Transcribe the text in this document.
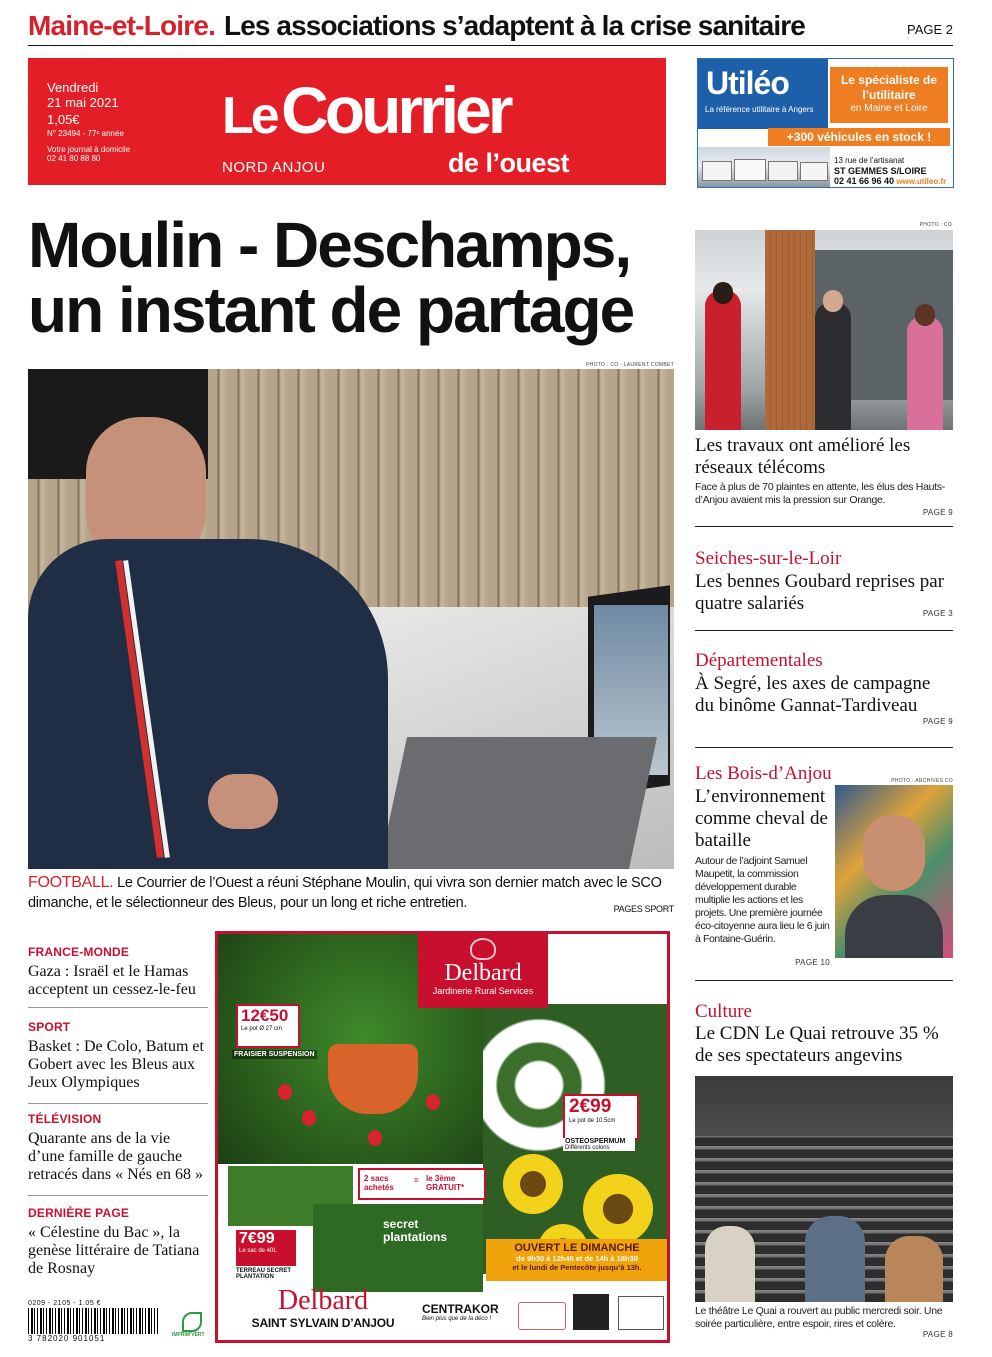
Maine-et-Loire. Les associations s’adaptent à la crise sanitaire	PAGE 2
Vendredi
21 mai 2021
1,05€
N° 23494 - 77ᵉ année
Votre journal à domicile
02 41 80 88 80
Le Courrier
de l’ouest
NORD ANJOU
Utiléo
La référence utilitaire à Angers
Le spécialiste de l’utilitaire
en Maine et Loire
+300 véhicules en stock !
13 rue de l’artisanat
ST GEMMES S/LOIRE
02 41 66 96 40 www.utileo.fr
Moulin - Deschamps,
un instant de partage
PHOTO : CO - LAURENT COMBET
FOOTBALL. Le Courrier de l’Ouest a réuni Stéphane Moulin, qui vivra son dernier match avec le SCO dimanche, et le sélectionneur des Bleus, pour un long et riche entretien.	PAGES SPORT
PHOTO : CO
Les travaux ont amélioré les réseaux télécoms
Face à plus de 70 plaintes en attente, les élus des Hauts-d’Anjou avaient mis la pression sur Orange.
PAGE 9
Seiches-sur-le-Loir
Les bennes Goubard reprises par quatre salariés	PAGE 3
Départementales
À Segré, les axes de campagne du binôme Gannat-Tardiveau
PAGE 9
Les Bois-d’Anjou	PHOTO : ARCHIVES CO
L’environnement comme cheval de bataille
Autour de l’adjoint Samuel Maupetit, la commission développement durable multiplie les actions et les projets. Une première journée éco-citoyenne aura lieu le 6 juin à Fontaine-Guérin.
PAGE 10
Culture
Le CDN Le Quai retrouve 35 % de ses spectateurs angevins
Le théâtre Le Quai a rouvert au public mercredi soir. Une soirée particulière, entre espoir, rires et colère.
PAGE 8
FRANCE-MONDE
Gaza : Israël et le Hamas acceptent un cessez-le-feu
SPORT
Basket : De Colo, Batum et Gobert avec les Bleus aux Jeux Olympiques
TÉLÉVISION
Quarante ans de la vie d’une famille de gauche retracés dans « Nés en 68 »
DERNIÈRE PAGE
« Célestine du Bac », la genèse littéraire de Tatiana de Rosnay
0209 - 2105 - 1.05 €
3 782020 901051	IMPRIM'VERT
Delbard
Jardinerie Rural Services
12€50
Le pot Ø 27 cm
FRAISIER SUSPENSION
2€99
Le pot de 10.5cm
OSTEOSPERMUM
Différents coloris
2 sacs achetés
= le 3ème GRATUIT*
secret plantations
7€99
Le sac de 40L
TERREAU SECRET PLANTATION
OUVERT LE DIMANCHE
de 9h30 à 12h45 et de 14h à 18h30
et le lundi de Pentecôte jusqu’à 13h.
Delbard
SAINT SYLVAIN D’ANJOU
CENTRAKOR
Bien plus que de la déco !
